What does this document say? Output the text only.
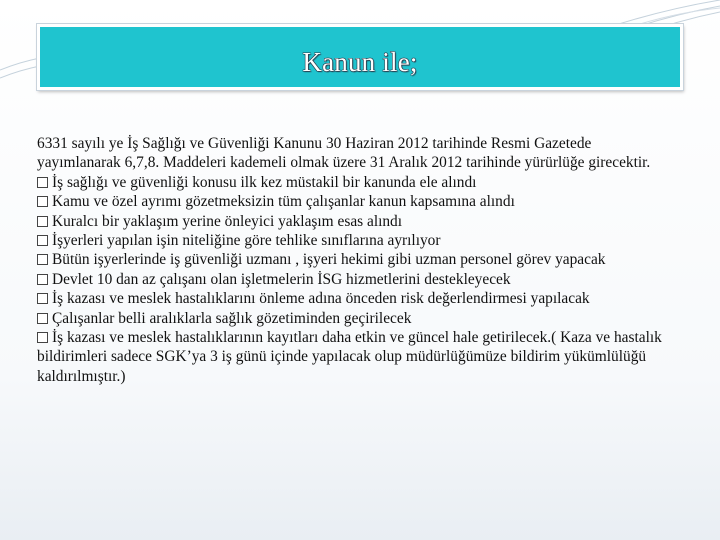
Kanun ile;

6331 sayılı ye İş Sağlığı ve Güvenliği Kanunu 30 Haziran 2012 tarihinde Resmi Gazetede yayımlanarak 6,7,8. Maddeleri kademeli olmak üzere 31 Aralık 2012 tarihinde yürürlüğe girecektir.

İş sağlığı ve güvenliği konusu ilk kez müstakil bir kanunda ele alındı

Kamu ve özel ayrımı gözetmeksizin tüm çalışanlar kanun kapsamına alındı

Kuralcı bir yaklaşım yerine önleyici yaklaşım esas alındı

İşyerleri yapılan işin niteliğine göre tehlike sınıflarına ayrılıyor

Bütün işyerlerinde iş güvenliği uzmanı , işyeri hekimi gibi uzman personel görev yapacak

Devlet 10 dan az çalışanı olan işletmelerin İSG hizmetlerini destekleyecek

İş kazası ve meslek hastalıklarını önleme adına önceden risk değerlendirmesi yapılacak

Çalışanlar belli aralıklarla sağlık gözetiminden geçirilecek

İş kazası ve meslek hastalıklarının kayıtları daha etkin ve güncel hale getirilecek.( Kaza ve hastalık bildirimleri sadece SGK’ya 3 iş günü içinde yapılacak olup müdürlüğümüze bildirim yükümlülüğü kaldırılmıştır.)
